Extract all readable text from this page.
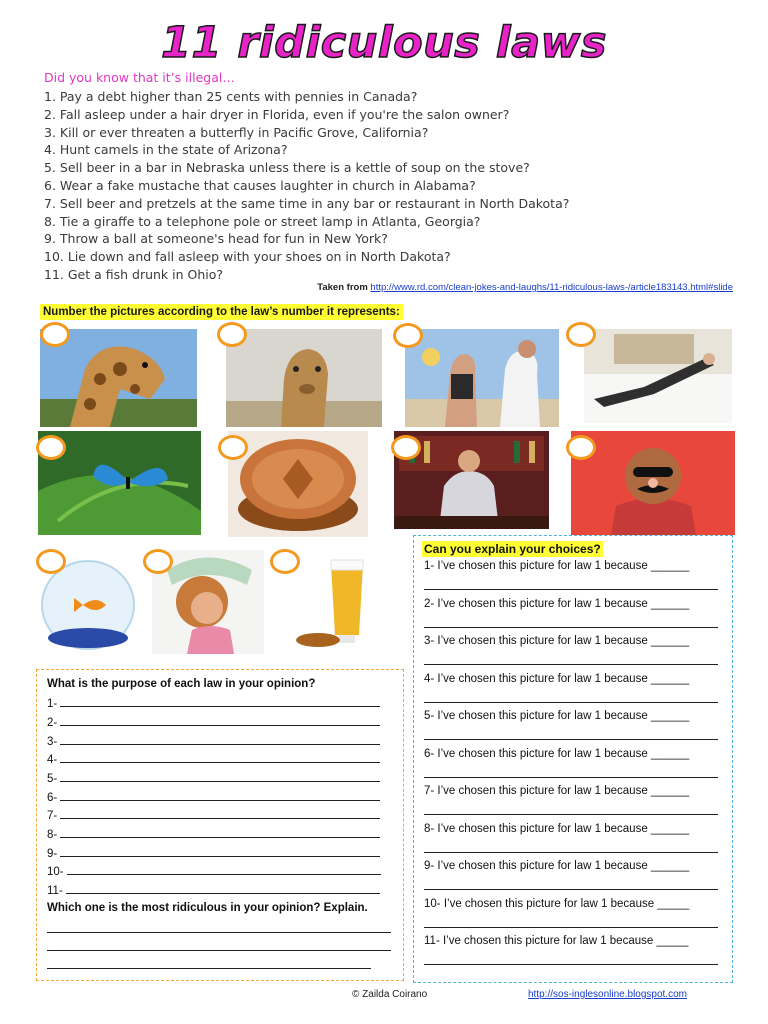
11 ridiculous laws
Did you know that it’s illegal…
1. Pay a debt higher than 25 cents with pennies in Canada?
2. Fall asleep under a hair dryer in Florida, even if you're the salon owner?
3. Kill or ever threaten a butterfly in Pacific Grove, California?
4. Hunt camels in the state of Arizona?
5. Sell beer in a bar in Nebraska unless there is a kettle of soup on the stove?
6. Wear a fake mustache that causes laughter in church in Alabama?
7. Sell beer and pretzels at the same time in any bar or restaurant in North Dakota?
8. Tie a giraffe to a telephone pole or street lamp in Atlanta, Georgia?
9. Throw a ball at someone's head for fun in New York?
10. Lie down and fall asleep with your shoes on in North Dakota?
11. Get a fish drunk in Ohio?
Taken from http://www.rd.com/clean-jokes-and-laughs/11-ridiculous-laws-/article183143.html#slide
Number the pictures according to the law’s number it represents:
What is the purpose of each law in your opinion?
1-
2-
3-
4-
5-
6-
7-
8-
9-
10-
11-
Which one is the most ridiculous in your opinion? Explain.
Can you explain your choices?
1- I’ve chosen this picture for law 1 because ______
2- I’ve chosen this picture for law 1 because ______
3- I’ve chosen this picture for law 1 because ______
4- I’ve chosen this picture for law 1 because ______
5- I’ve chosen this picture for law 1 because ______
6- I’ve chosen this picture for law 1 because ______
7- I’ve chosen this picture for law 1 because ______
8- I’ve chosen this picture for law 1 because ______
9- I’ve chosen this picture for law 1 because ______
10- I’ve chosen this picture for law 1 because _____
11- I’ve chosen this picture for law 1 because _____
© Zailda Coirano	http://sos-inglesonline.blogspot.com
